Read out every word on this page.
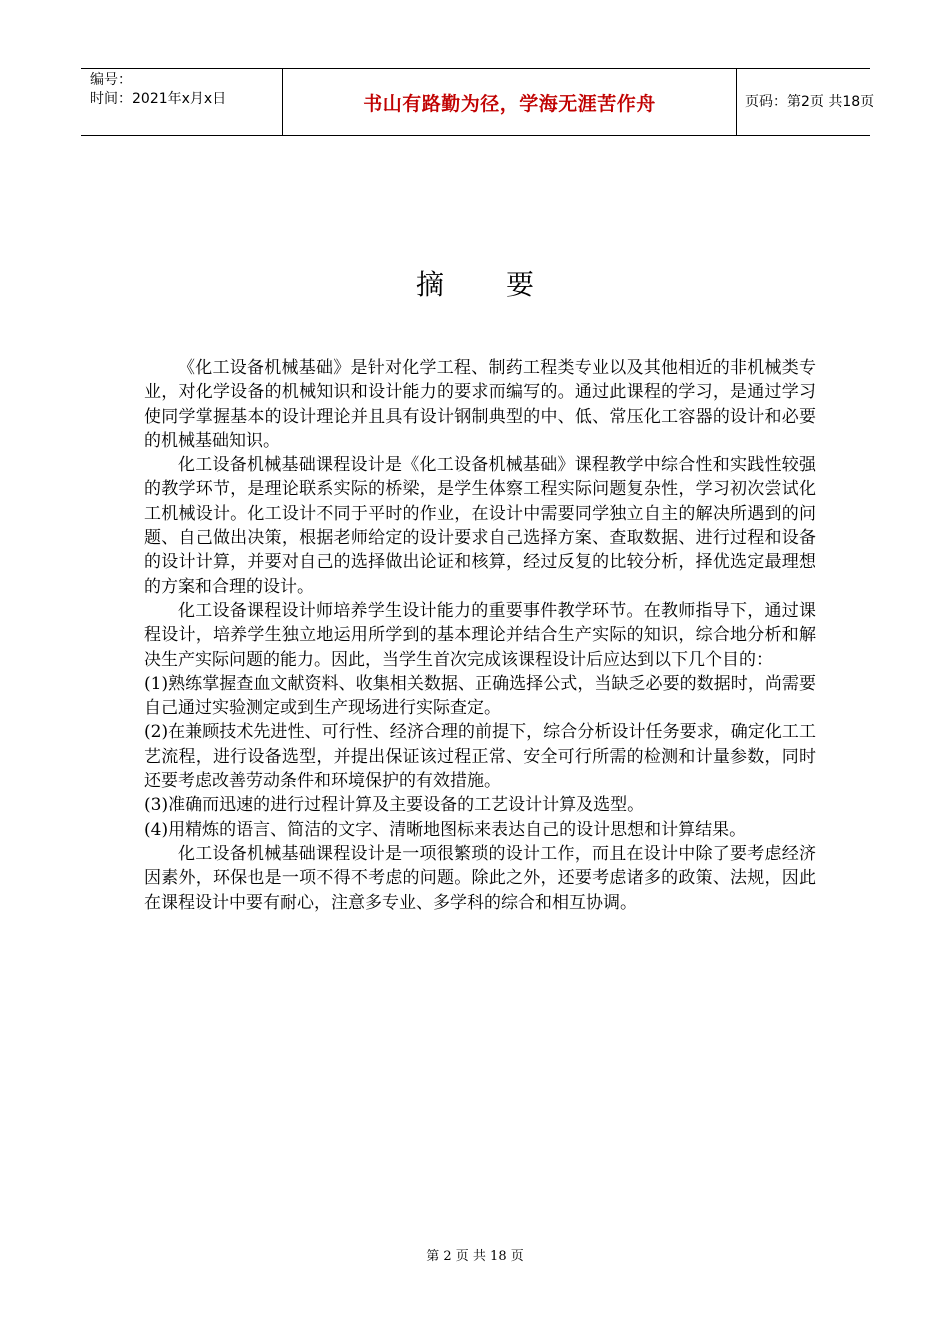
编号：
时间：2021年x月x日	书山有路勤为径，学海无涯苦作舟	页码：第2页 共18页
摘 要

《化工设备机械基础》是针对化学工程、制药工程类专业以及其他相近的非机械类专业，对化学设备的机械知识和设计能力的要求而编写的。通过此课程的学习，是通过学习使同学掌握基本的设计理论并且具有设计钢制典型的中、低、常压化工容器的设计和必要的机械基础知识。

化工设备机械基础课程设计是《化工设备机械基础》课程教学中综合性和实践性较强的教学环节，是理论联系实际的桥梁，是学生体察工程实际问题复杂性，学习初次尝试化工机械设计。化工设计不同于平时的作业，在设计中需要同学独立自主的解决所遇到的问题、自己做出决策，根据老师给定的设计要求自己选择方案、查取数据、进行过程和设备的设计计算，并要对自己的选择做出论证和核算，经过反复的比较分析，择优选定最理想的方案和合理的设计。

化工设备课程设计师培养学生设计能力的重要事件教学环节。在教师指导下，通过课程设计，培养学生独立地运用所学到的基本理论并结合生产实际的知识，综合地分析和解决生产实际问题的能力。因此，当学生首次完成该课程设计后应达到以下几个目的：

(1)熟练掌握查血文献资料、收集相关数据、正确选择公式，当缺乏必要的数据时，尚需要自己通过实验测定或到生产现场进行实际查定。

(2)在兼顾技术先进性、可行性、经济合理的前提下，综合分析设计任务要求，确定化工工艺流程，进行设备选型，并提出保证该过程正常、安全可行所需的检测和计量参数，同时还要考虑改善劳动条件和环境保护的有效措施。

(3)准确而迅速的进行过程计算及主要设备的工艺设计计算及选型。

(4)用精炼的语言、简洁的文字、清晰地图标来表达自己的设计思想和计算结果。

化工设备机械基础课程设计是一项很繁琐的设计工作，而且在设计中除了要考虑经济因素外，环保也是一项不得不考虑的问题。除此之外，还要考虑诸多的政策、法规，因此在课程设计中要有耐心，注意多专业、多学科的综合和相互协调。

第 2 页 共 18 页
